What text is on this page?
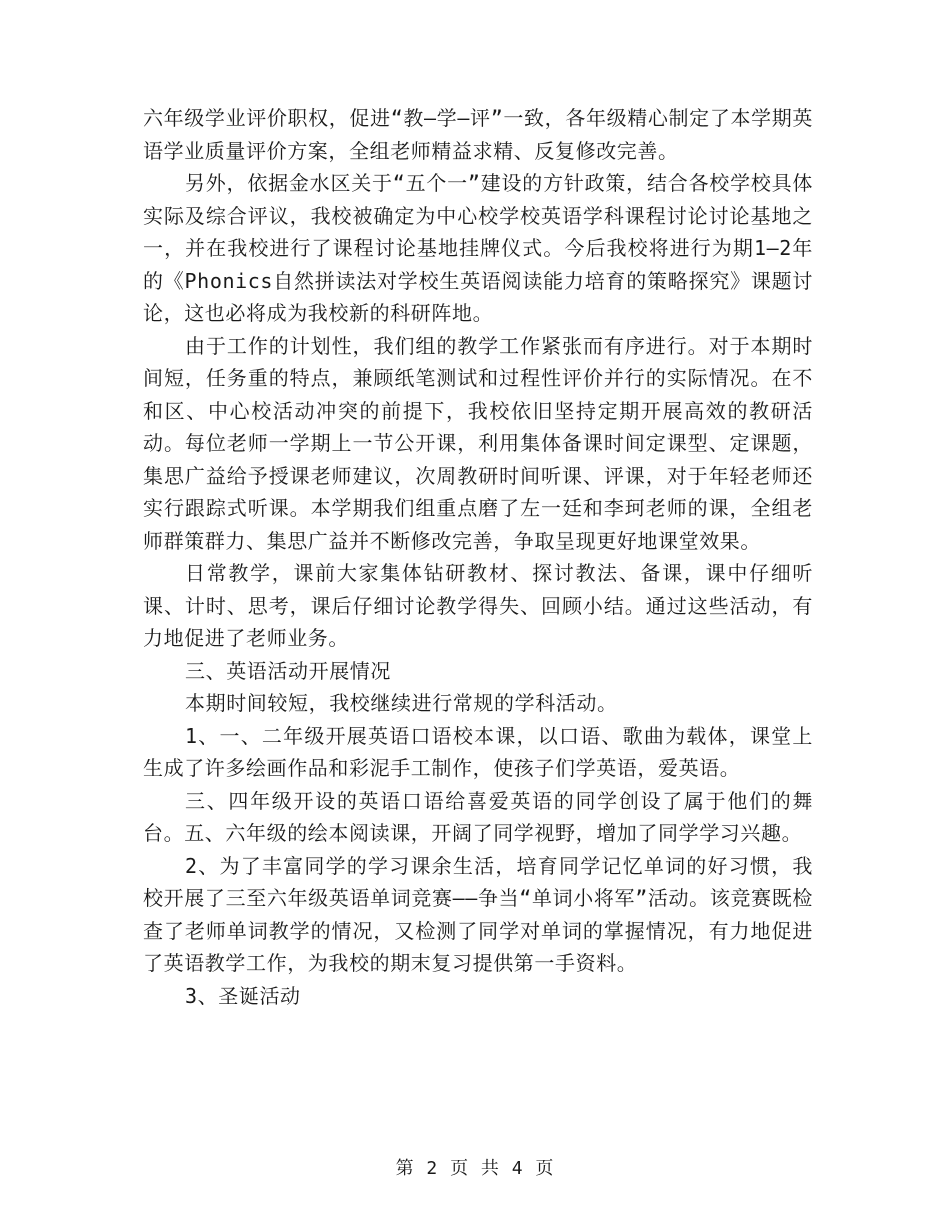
六年级学业评价职权，促进“教—学—评”一致，各年级精心制定了本学期英语学业质量评价方案，全组老师精益求精、反复修改完善。

另外，依据金水区关于“五个一”建设的方针政策，结合各校学校具体实际及综合评议，我校被确定为中心校学校英语学科课程讨论讨论基地之一，并在我校进行了课程讨论基地挂牌仪式。今后我校将进行为期1—2年的《Phonics自然拼读法对学校生英语阅读能力培育的策略探究》课题讨论，这也必将成为我校新的科研阵地。

由于工作的计划性，我们组的教学工作紧张而有序进行。对于本期时间短，任务重的特点，兼顾纸笔测试和过程性评价并行的实际情况。在不和区、中心校活动冲突的前提下，我校依旧坚持定期开展高效的教研活动。每位老师一学期上一节公开课，利用集体备课时间定课型、定课题，集思广益给予授课老师建议，次周教研时间听课、评课，对于年轻老师还实行跟踪式听课。本学期我们组重点磨了左一廷和李珂老师的课，全组老师群策群力、集思广益并不断修改完善，争取呈现更好地课堂效果。

日常教学，课前大家集体钻研教材、探讨教法、备课，课中仔细听课、计时、思考，课后仔细讨论教学得失、回顾小结。通过这些活动，有力地促进了老师业务。

三、英语活动开展情况

本期时间较短，我校继续进行常规的学科活动。

1、一、二年级开展英语口语校本课，以口语、歌曲为载体，课堂上生成了许多绘画作品和彩泥手工制作，使孩子们学英语，爱英语。

三、四年级开设的英语口语给喜爱英语的同学创设了属于他们的舞台。五、六年级的绘本阅读课，开阔了同学视野，增加了同学学习兴趣。

2、为了丰富同学的学习课余生活，培育同学记忆单词的好习惯，我校开展了三至六年级英语单词竞赛——争当“单词小将军”活动。该竞赛既检查了老师单词教学的情况，又检测了同学对单词的掌握情况，有力地促进了英语教学工作，为我校的期末复习提供第一手资料。

3、圣诞活动

第 2 页 共 4 页
